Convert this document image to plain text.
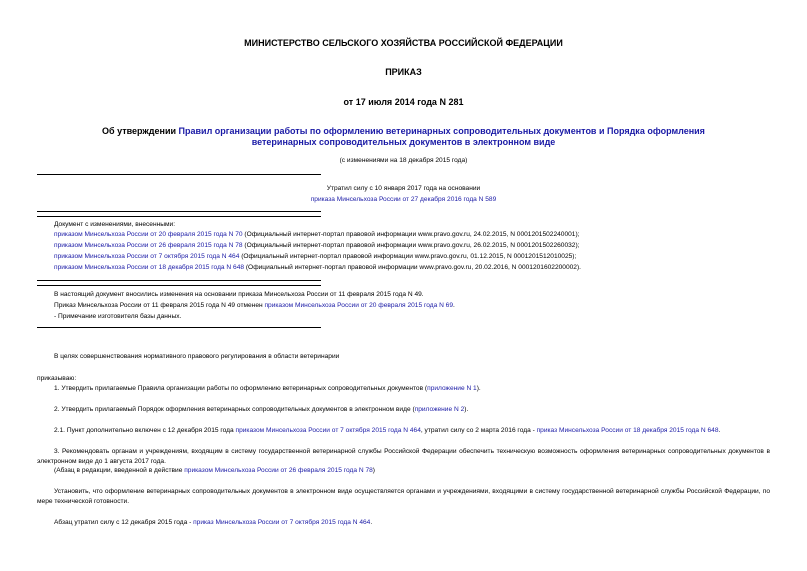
МИНИСТЕРСТВО СЕЛЬСКОГО ХОЗЯЙСТВА РОССИЙСКОЙ ФЕДЕРАЦИИ
ПРИКАЗ
от 17 июля 2014 года N 281
Об утверждении Правил организации работы по оформлению ветеринарных сопроводительных документов и Порядка оформления ветеринарных сопроводительных документов в электронном виде
(с изменениями на 18 декабря 2015 года)
Утратил силу с 10 января 2017 года на основании
приказа Минсельхоза России от 27 декабря 2016 года N 589
Документ с изменениями, внесенными:
приказом Минсельхоза России от 20 февраля 2015 года N 70 (Официальный интернет-портал правовой информации www.pravo.gov.ru, 24.02.2015, N 0001201502240001);
приказом Минсельхоза России от 26 февраля 2015 года N 78 (Официальный интернет-портал правовой информации www.pravo.gov.ru, 26.02.2015, N 0001201502260032);
приказом Минсельхоза России от 7 октября 2015 года N 464 (Официальный интернет-портал правовой информации www.pravo.gov.ru, 01.12.2015, N 0001201512010025);
приказом Минсельхоза России от 18 декабря 2015 года N 648 (Официальный интернет-портал правовой информации www.pravo.gov.ru, 20.02.2016, N 0001201602200002).
В настоящий документ вносились изменения на основании приказа Минсельхоза России от 11 февраля 2015 года N 49.
Приказ Минсельхоза России от 11 февраля 2015 года N 49 отменен приказом Минсельхоза России от 20 февраля 2015 года N 69.
- Примечание изготовителя базы данных.
В целях совершенствования нормативного правового регулирования в области ветеринарии
приказываю:
1. Утвердить прилагаемые Правила организации работы по оформлению ветеринарных сопроводительных документов (приложение N 1).
2. Утвердить прилагаемый Порядок оформления ветеринарных сопроводительных документов в электронном виде (приложение N 2).
2.1. Пункт дополнительно включен с 12 декабря 2015 года приказом Минсельхоза России от 7 октября 2015 года N 464, утратил силу со 2 марта 2016 года - приказ Минсельхоза России от 18 декабря 2015 года N 648.
3. Рекомендовать органам и учреждениям, входящим в систему государственной ветеринарной службы Российской Федерации обеспечить техническую возможность оформления ветеринарных сопроводительных документов в электронном виде до 1 августа 2017 года.
(Абзац в редакции, введенной в действие приказом Минсельхоза России от 26 февраля 2015 года N 78)
Установить, что оформление ветеринарных сопроводительных документов в электронном виде осуществляется органами и учреждениями, входящими в систему государственной ветеринарной службы Российской Федерации, по мере технической готовности.
Абзац утратил силу с 12 декабря 2015 года - приказ Минсельхоза России от 7 октября 2015 года N 464.
